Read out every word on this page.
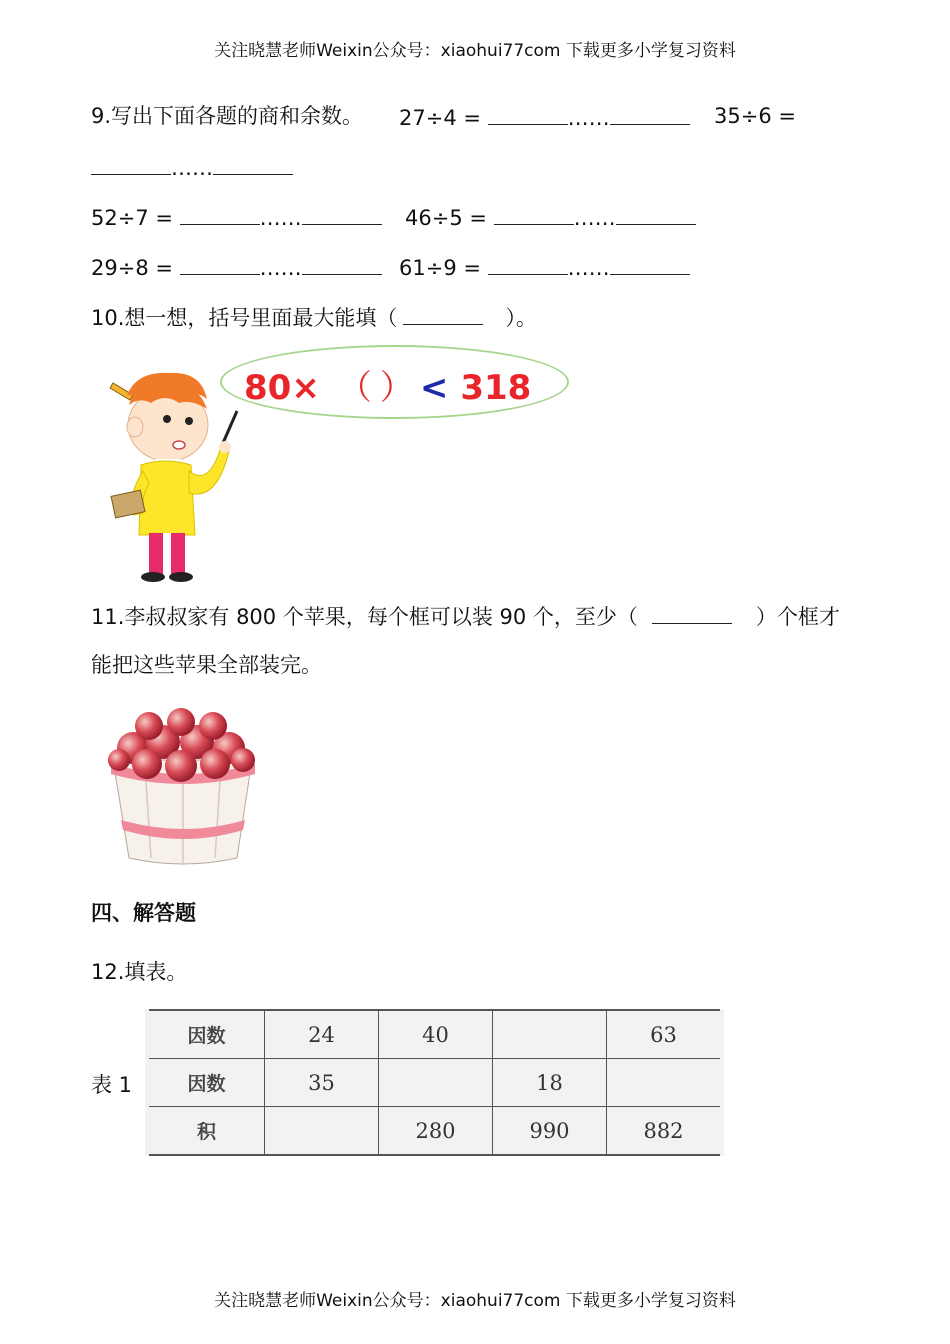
关注晓慧老师Weixin公众号：xiaohui77com 下载更多小学复习资料
9.写出下面各题的商和余数。 27÷4 =	……	35÷6 =
……
52÷7 =	……	46÷5 =	……
29÷8 =	……	61÷9 =	……
10.想一想，括号里面最大能填（	）。
80× （ ） < 318
11.李叔叔家有 800 个苹果，每个框可以装 90 个，至少（	）个框才
能把这些苹果全部装完。
四、解答题
12.填表。
表 1
因数	24	40		63
因数	35		18	
积		280	990	882
关注晓慧老师Weixin公众号：xiaohui77com 下载更多小学复习资料
